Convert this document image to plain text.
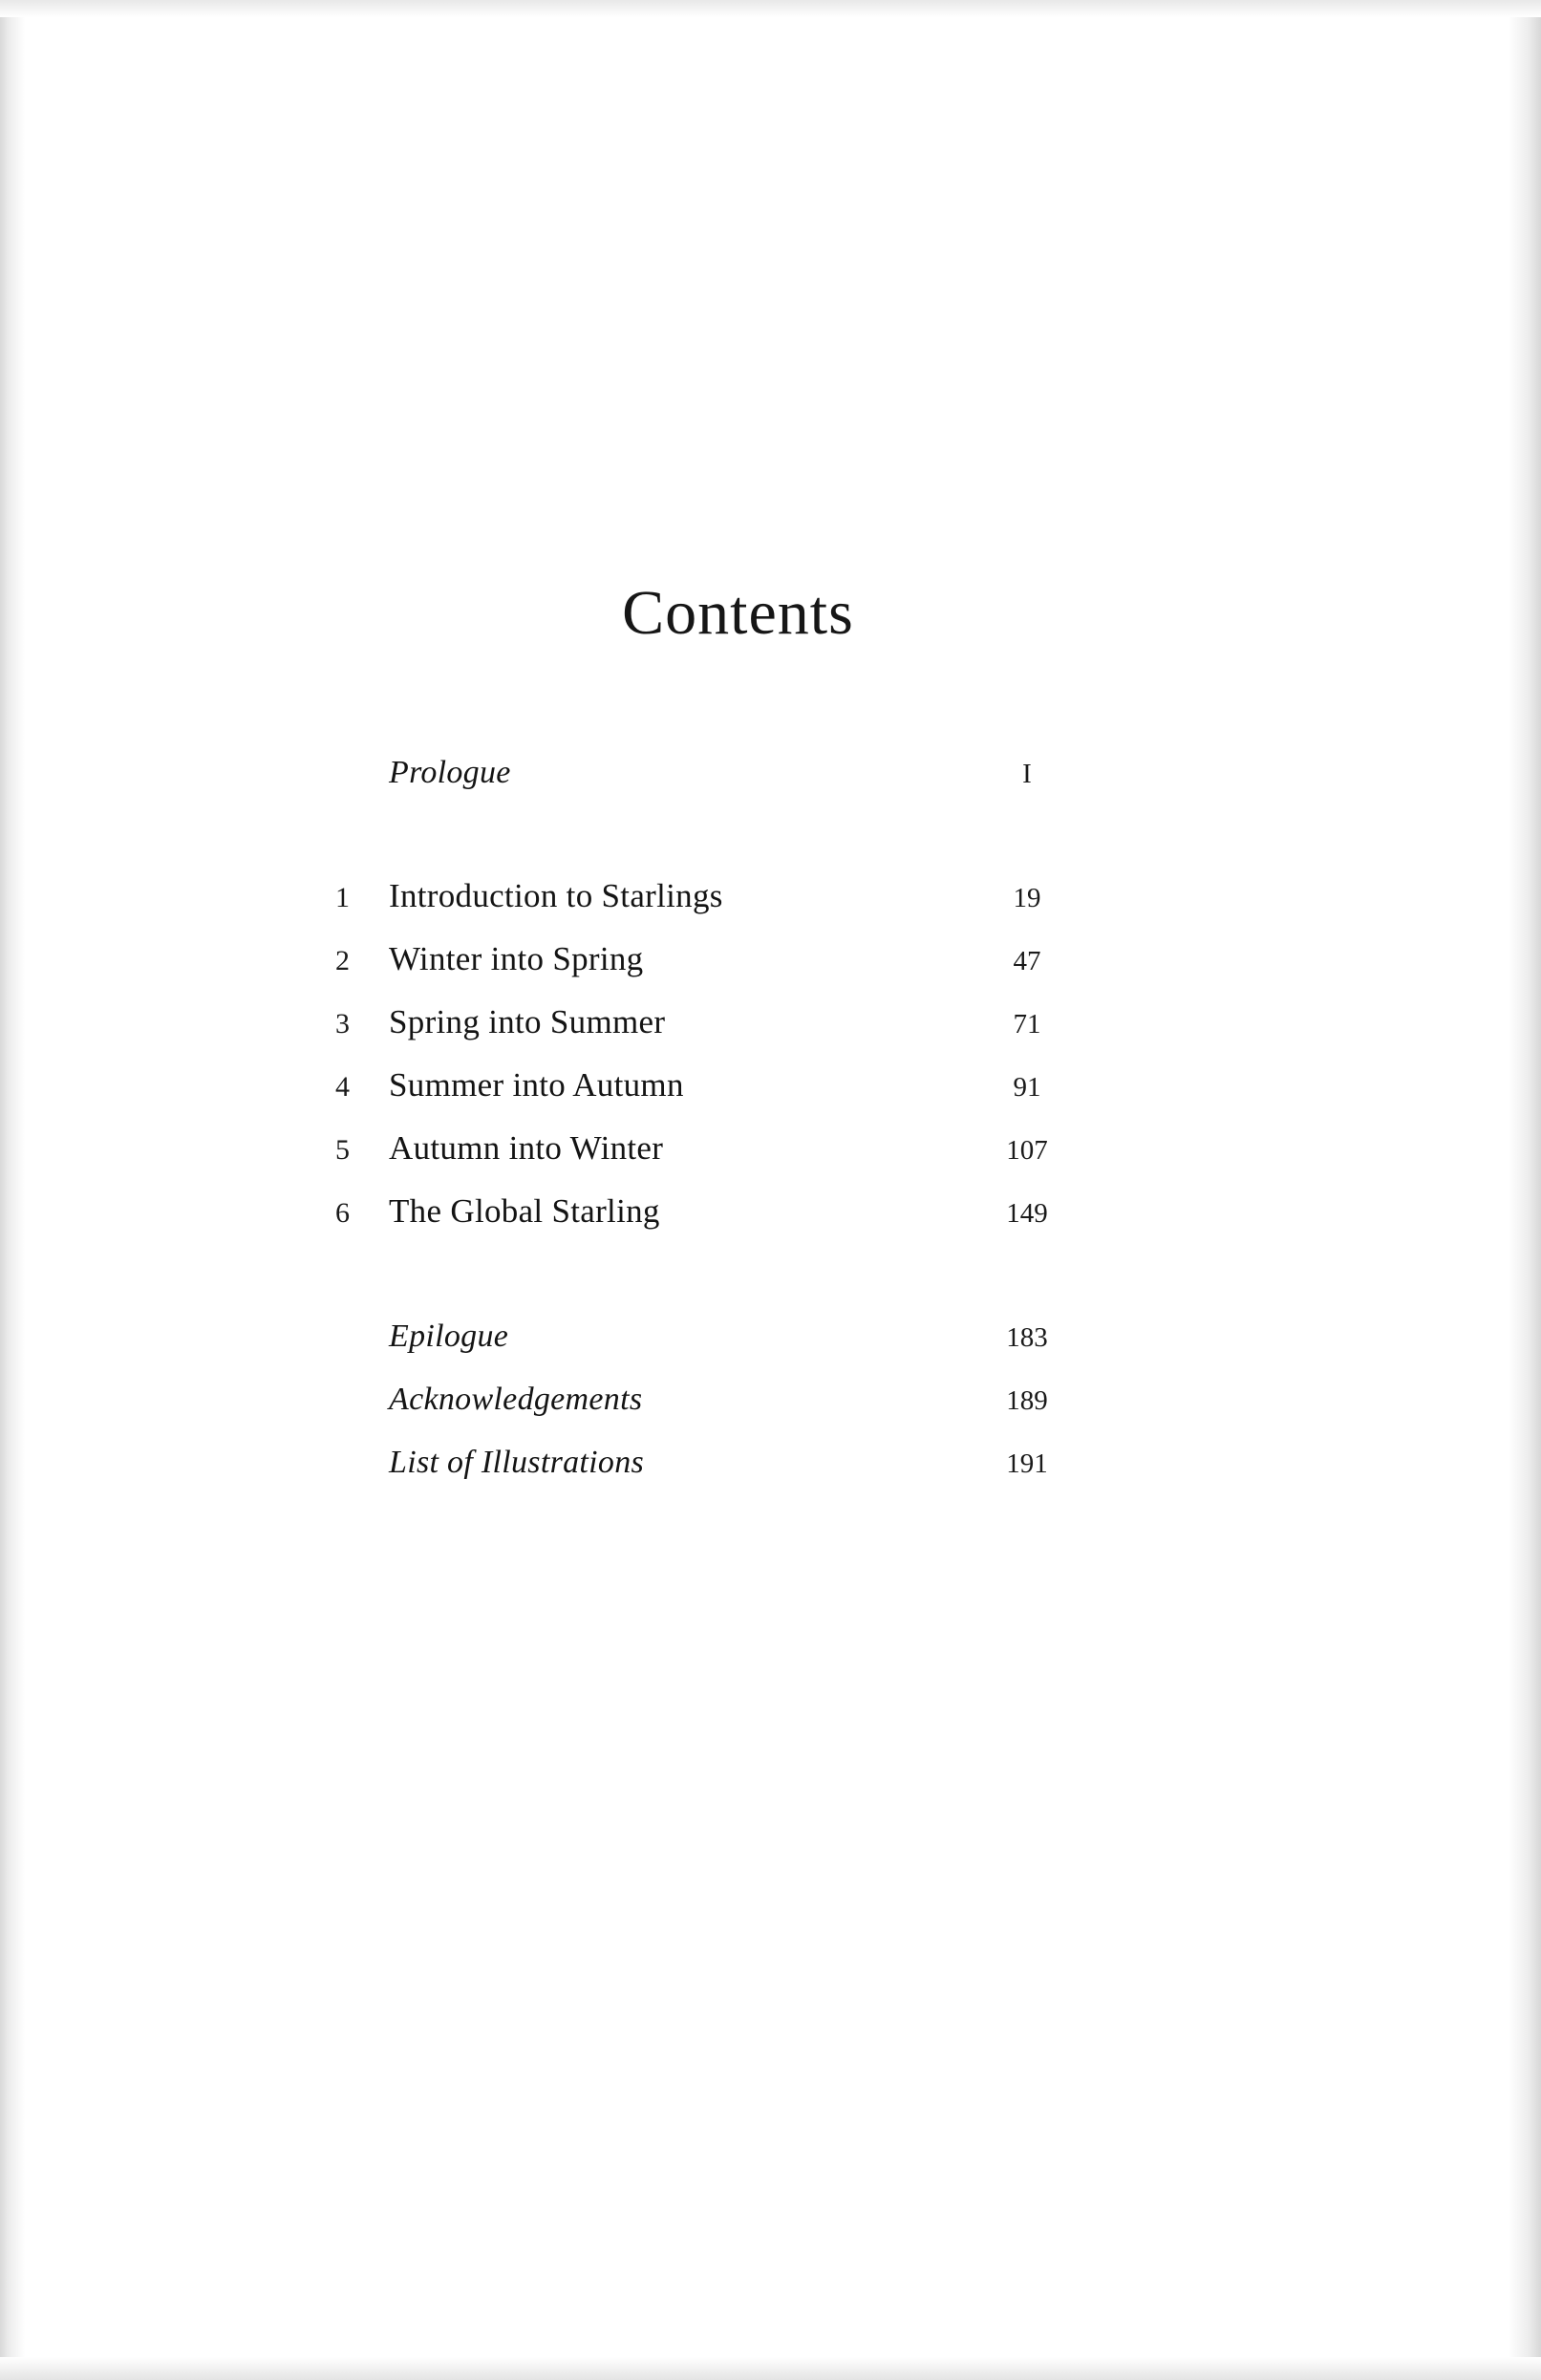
Contents
Prologue	I
1	Introduction to Starlings	19
2	Winter into Spring	47
3	Spring into Summer	71
4	Summer into Autumn	91
5	Autumn into Winter	107
6	The Global Starling	149
Epilogue	183
Acknowledgements	189
List of Illustrations	191
